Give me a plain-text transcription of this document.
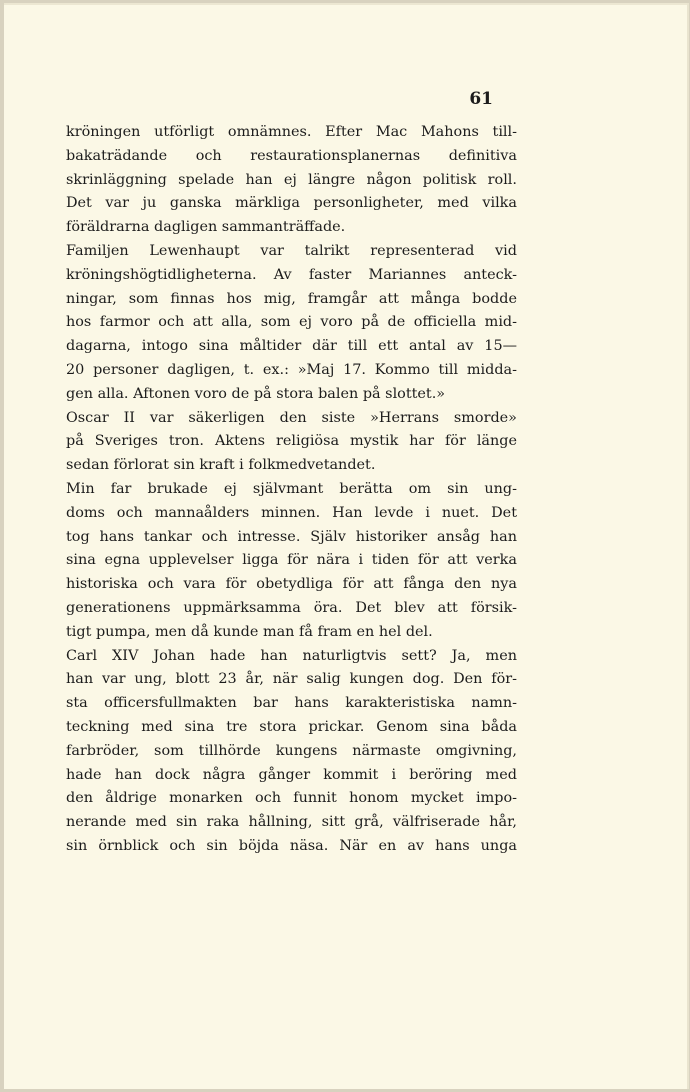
61

kröningen utförligt omnämnes. Efter Mac Mahons till-
bakaträdande och restaurationsplanernas definitiva
skrinläggning spelade han ej längre någon politisk roll.
Det var ju ganska märkliga personligheter, med vilka
föräldrarna dagligen sammanträffade.

Familjen Lewenhaupt var talrikt representerad vid
kröningshögtidligheterna. Av faster Mariannes anteck-
ningar, som finnas hos mig, framgår att många bodde
hos farmor och att alla, som ej voro på de officiella mid-
dagarna, intogo sina måltider där till ett antal av 15—
20 personer dagligen, t. ex.: »Maj 17. Kommo till midda-
gen alla. Aftonen voro de på stora balen på slottet.»

Oscar II var säkerligen den siste »Herrans smorde»
på Sveriges tron. Aktens religiösa mystik har för länge
sedan förlorat sin kraft i folkmedvetandet.

Min far brukade ej självmant berätta om sin ung-
doms och mannaålders minnen. Han levde i nuet. Det
tog hans tankar och intresse. Själv historiker ansåg han
sina egna upplevelser ligga för nära i tiden för att verka
historiska och vara för obetydliga för att fånga den nya
generationens uppmärksamma öra. Det blev att försik-
tigt pumpa, men då kunde man få fram en hel del.

Carl XIV Johan hade han naturligtvis sett? Ja, men
han var ung, blott 23 år, när salig kungen dog. Den för-
sta officersfullmakten bar hans karakteristiska namn-
teckning med sina tre stora prickar. Genom sina båda
farbröder, som tillhörde kungens närmaste omgivning,
hade han dock några gånger kommit i beröring med
den åldrige monarken och funnit honom mycket impo-
nerande med sin raka hållning, sitt grå, välfriserade hår,
sin örnblick och sin böjda näsa. När en av hans unga
